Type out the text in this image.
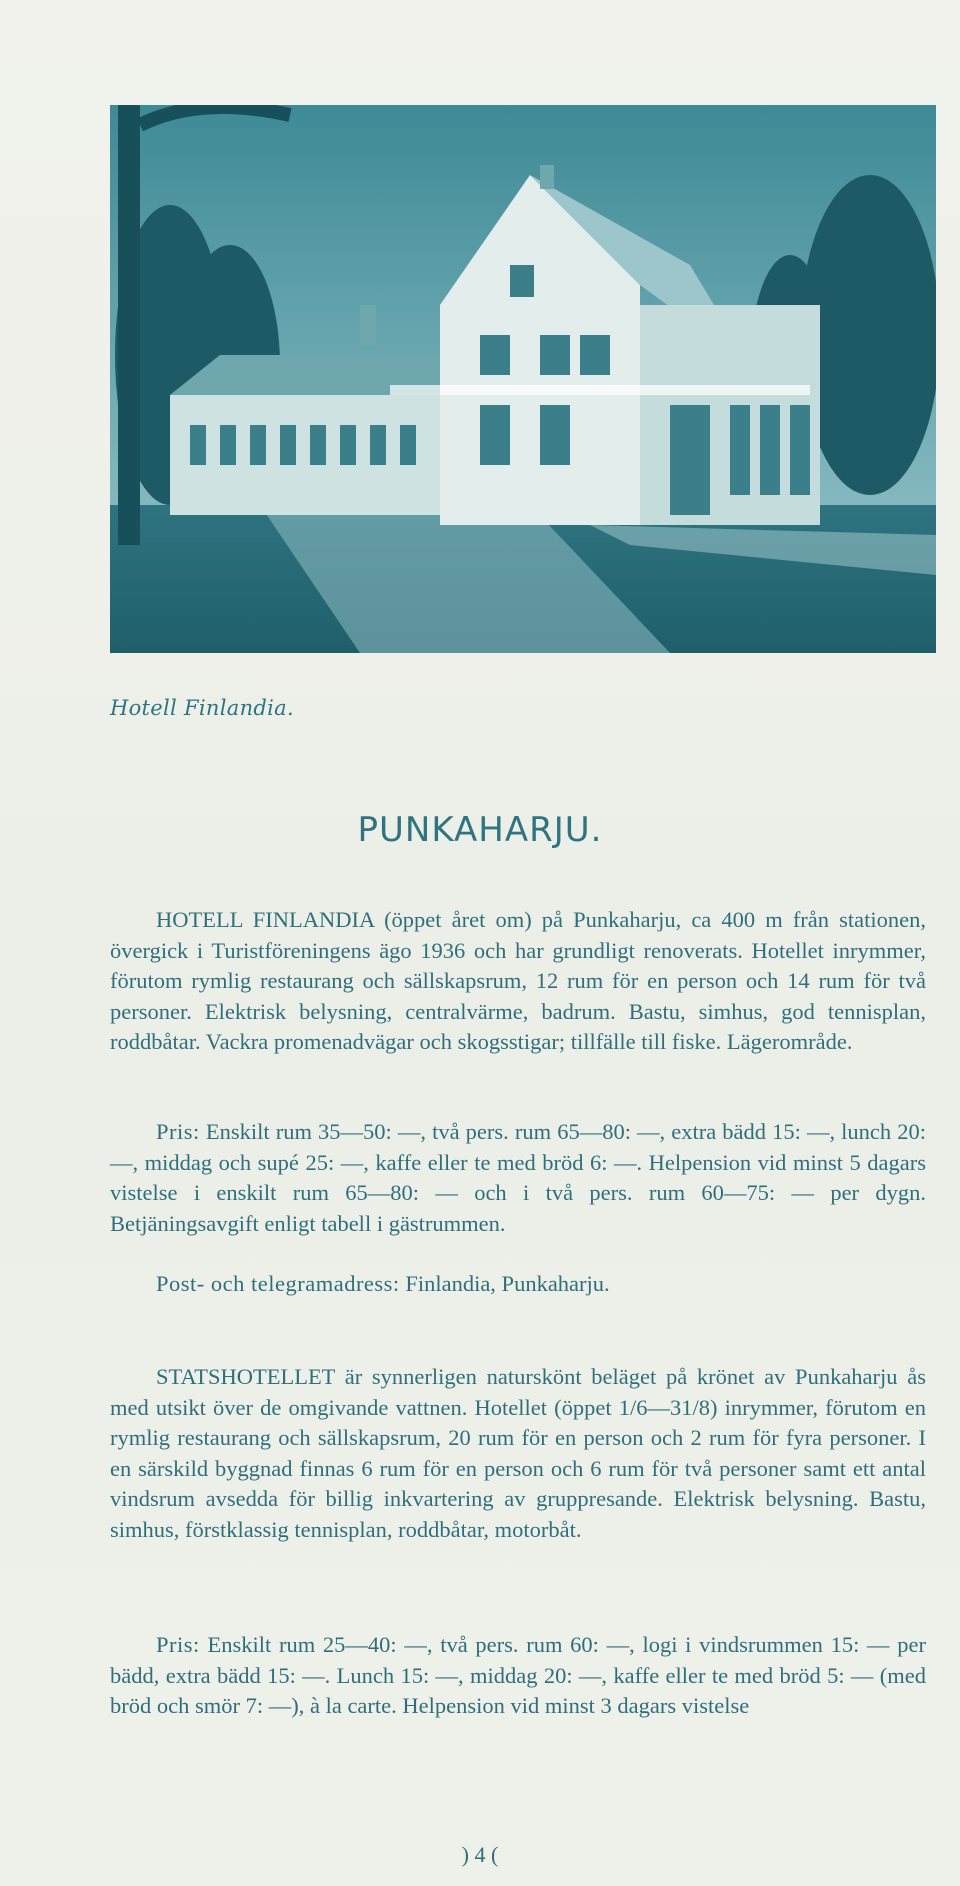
Hotell Finlandia.
PUNKAHARJU.

HOTELL FINLANDIA (öppet året om) på Punkaharju, ca 400 m från stationen, övergick i Turistföreningens ägo 1936 och har grundligt renoverats. Hotellet inrymmer, förutom rymlig restaurang och sällskapsrum, 12 rum för en person och 14 rum för två personer. Elektrisk belysning, centralvärme, badrum. Bastu, simhus, god tennisplan, roddbåtar. Vackra promenadvägar och skogsstigar; tillfälle till fiske. Lägerområde.

Pris: Enskilt rum 35—50: —, två pers. rum 65—80: —, extra bädd 15: —, lunch 20: —, middag och supé 25: —, kaffe eller te med bröd 6: —. Helpension vid minst 5 dagars vistelse i enskilt rum 65—80: — och i två pers. rum 60—75: — per dygn. Betjäningsavgift enligt tabell i gästrummen.

Post- och telegramadress: Finlandia, Punkaharju.

STATSHOTELLET är synnerligen naturskönt beläget på krönet av Punkaharju ås med utsikt över de omgivande vattnen. Hotellet (öppet 1/6—31/8) inrymmer, förutom en rymlig restaurang och sällskapsrum, 20 rum för en person och 2 rum för fyra personer. I en särskild byggnad finnas 6 rum för en person och 6 rum för två personer samt ett antal vindsrum avsedda för billig inkvartering av gruppresande. Elektrisk belysning. Bastu, simhus, förstklassig tennisplan, roddbåtar, motorbåt.

Pris: Enskilt rum 25—40: —, två pers. rum 60: —, logi i vindsrummen 15: — per bädd, extra bädd 15: —. Lunch 15: —, middag 20: —, kaffe eller te med bröd 5: — (med bröd och smör 7: —), à la carte. Helpension vid minst 3 dagars vistelse

) 4 (
